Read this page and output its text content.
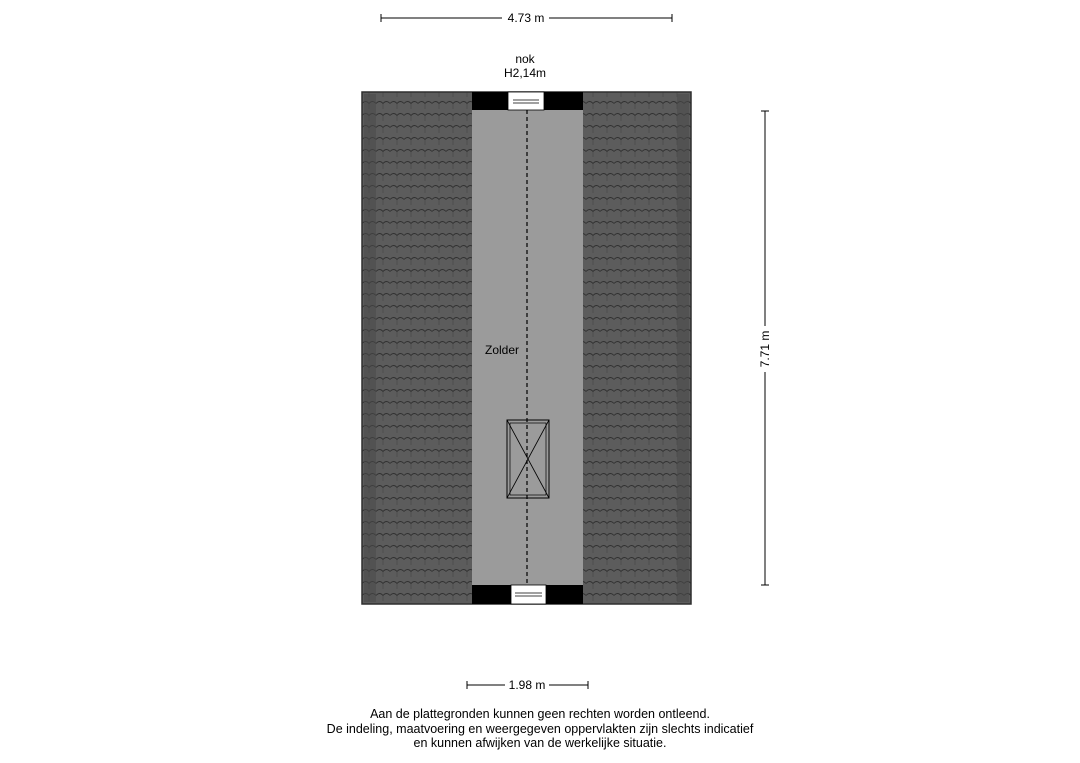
4.73 m
nok
H2,14m
Zolder	7.71 m
1.98 m
Aan de plattegronden kunnen geen rechten worden ontleend.
De indeling, maatvoering en weergegeven oppervlakten zijn slechts indicatief
en kunnen afwijken van de werkelijke situatie.
